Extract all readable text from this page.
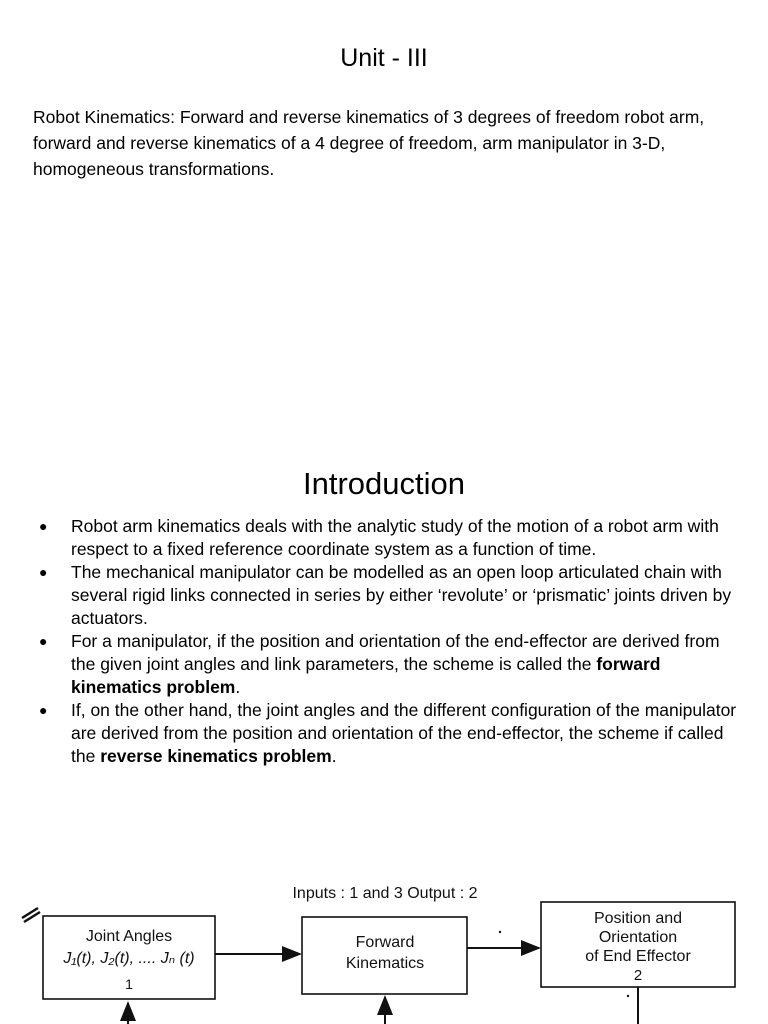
Unit - III
Robot Kinematics: Forward and reverse kinematics of 3 degrees of freedom robot arm, forward and reverse kinematics of a 4 degree of freedom, arm manipulator in 3-D, homogeneous transformations.
Introduction
● Robot arm kinematics deals with the analytic study of the motion of a robot arm with respect to a fixed reference coordinate system as a function of time.
● The mechanical manipulator can be modelled as an open loop articulated chain with several rigid links connected in series by either ‘revolute’ or ‘prismatic’ joints driven by actuators.
● For a manipulator, if the position and orientation of the end-effector are derived from the given joint angles and link parameters, the scheme is called the forward kinematics problem.
● If, on the other hand, the joint angles and the different configuration of the manipulator are derived from the position and orientation of the end-effector, the scheme if called the reverse kinematics problem.
Inputs : 1 and 3 Output : 2
Joint Angles
J₁(t), J₂(t), .... Jₙ (t)
1
Forward
Kinematics
Position and
Orientation
of End Effector
2
